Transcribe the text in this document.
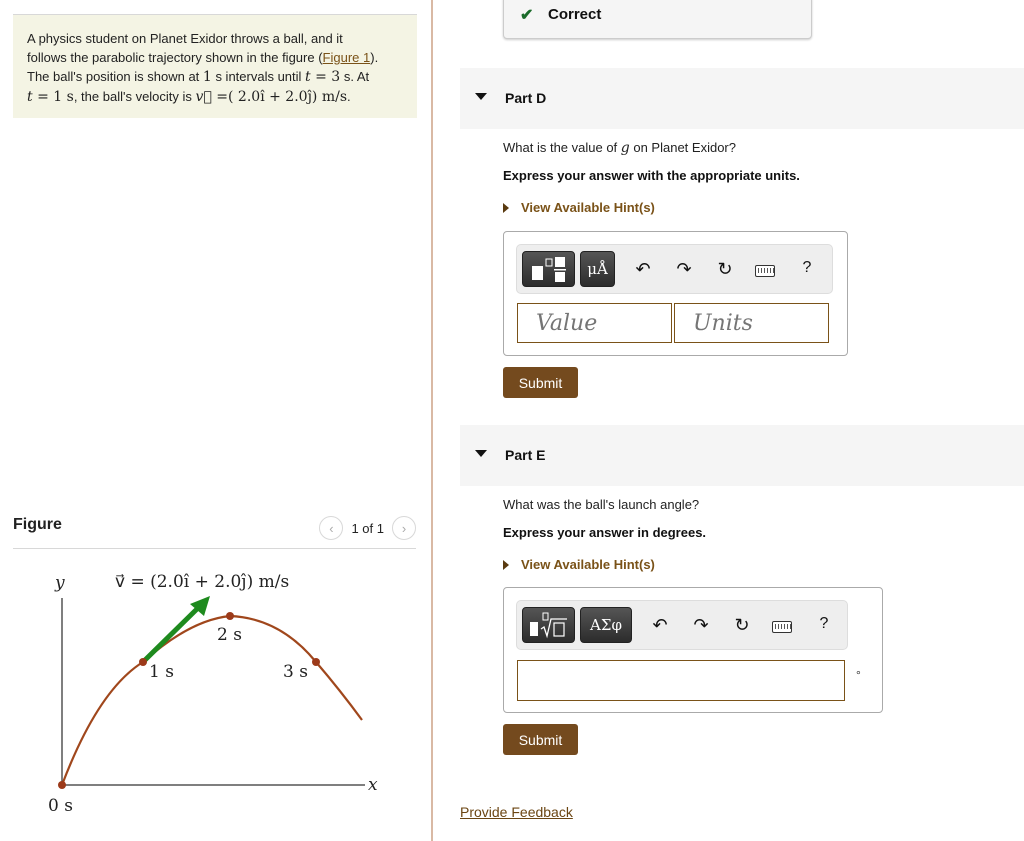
A physics student on Planet Exidor throws a ball, and it
follows the parabolic trajectory shown in the figure (Figure 1).
The ball's position is shown at 1 s intervals until t = 3 s. At
t = 1 s, the ball's velocity is v⃗ =( 2.0î + 2.0ĵ) m/s.
Figure	‹ 1 of 1 ›
y
x
v⃗ = (2.0î + 2.0ĵ) m/s
0 s
1 s
2 s
3 s
✔ Correct
Part D
What is the value of g on Planet Exidor?
Express your answer with the appropriate units.
View Available Hint(s)
μÅ ↶ ↷ ↻	?
Value
Units
Submit
Part E
What was the ball's launch angle?
Express your answer in degrees.
View Available Hint(s)
ΑΣφ ↶ ↷ ↻	?
°
Submit
Provide Feedback
